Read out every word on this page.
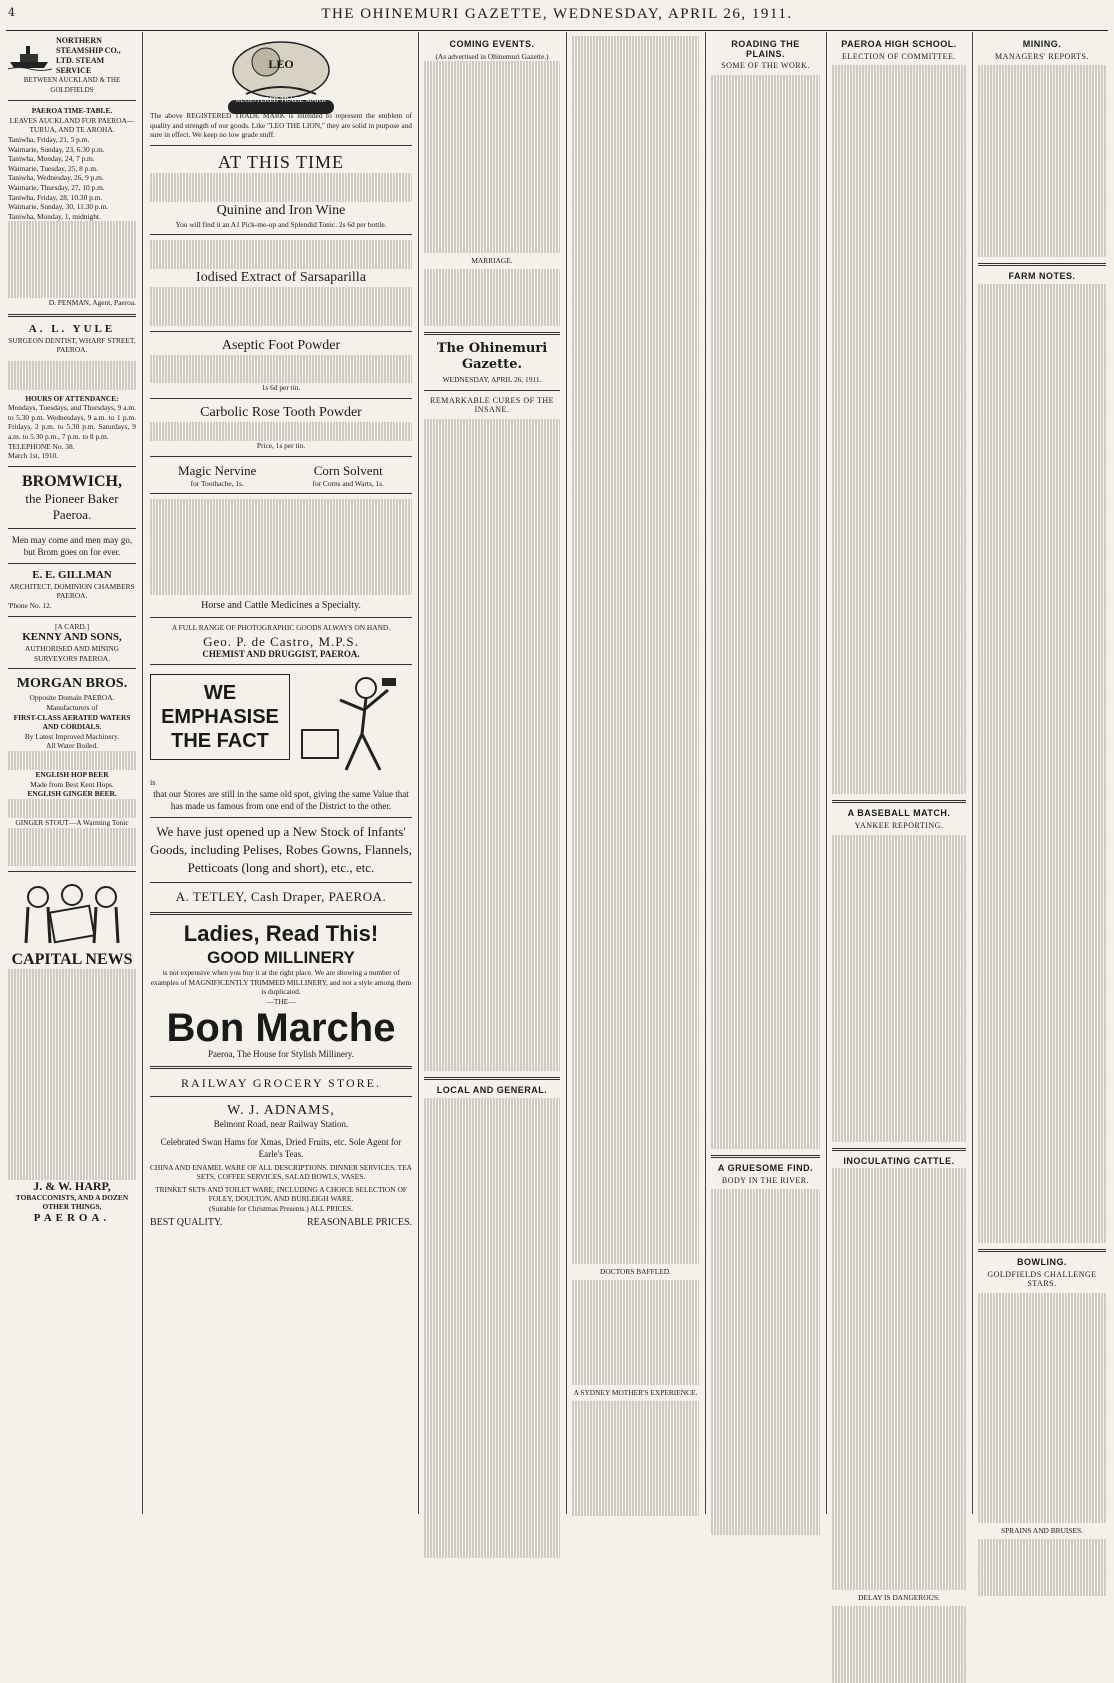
4	THE OHINEMURI GAZETTE, WEDNESDAY, APRIL 26, 1911.
NORTHERN STEAMSHIP CO., LTD. STEAM SERVICE
BETWEEN AUCKLAND & THE GOLDFIELDS
PAEROA TIME-TABLE.
LEAVES AUCKLAND FOR PAEROA—TURUA, AND TE AROHA.
Taniwha, Friday, 21, 5 p.m.
Waimarie, Sunday, 23, 6.30 p.m.
Taniwha, Monday, 24, 7 p.m.
Waimarie, Tuesday, 25, 8 p.m.
Taniwha, Wednesday, 26, 9 p.m.
Waimarie, Thursday, 27, 10 p.m.
Taniwha, Friday, 28, 10.30 p.m.
Waimarie, Sunday, 30, 11.30 p.m.
Taniwha, Monday, 1, midnight.
D. PENMAN, Agent, Paeroa.
A. L. YULE
SURGEON DENTIST, WHARF STREET, PAEROA.
HOURS OF ATTENDANCE:
Mondays, Tuesdays, and Thursdays, 9 a.m. to 5.30 p.m. Wednesdays, 9 a.m. to 1 p.m. Fridays, 2 p.m. to 5.30 p.m. Saturdays, 9 a.m. to 5.30 p.m., 7 p.m. to 8 p.m.
TELEPHONE No. 38.
March 1st, 1910.
BROMWICH,
the Pioneer Baker
Paeroa.
Men may come and men may go, but Brom goes on for ever.
E. E. GILLMAN
ARCHITECT, DOMINION CHAMBERS PAEROA.
'Phone No. 12.
[A CARD.]
KENNY AND SONS,
AUTHORISED AND MINING SURVEYORS PAEROA.
MORGAN BROS.
Opposite Domain PAEROA.
Manufacturers of
FIRST-CLASS AERATED WATERS AND CORDIALS.
By Latest Improved Machinery.
All Water Boiled.
ENGLISH HOP BEER
Made from Best Kent Hops.
ENGLISH GINGER BEER.
GINGER STOUT—A Warming Tonic
CAPITAL NEWS
J. & W. HARP,
TOBACCONISTS, AND A DOZEN OTHER THINGS,
PAEROA.
LEO
REGISTERED TRADE MARK
The above REGISTERED TRADE MARK is intended to represent the emblem of quality and strength of our goods. Like "LEO THE LION," they are solid in purpose and sure in effect. We keep no low grade stuff.
AT THIS TIME
Quinine and Iron Wine
You will find it an A1 Pick-me-up and Splendid Tonic. 2s 6d per bottle.
Iodised Extract of Sarsaparilla
Aseptic Foot Powder
1s 6d per tin.
Carbolic Rose Tooth Powder
Price, 1s per tin.
Magic Nervine
for Toothache, 1s.
Corn Solvent
for Corns and Warts, 1s.
Horse and Cattle Medicines a Specialty.
A FULL RANGE OF PHOTOGRAPHIC GOODS ALWAYS ON HAND.
Geo. P. de Castro, M.P.S.
CHEMIST AND DRUGGIST, PAEROA.
WE EMPHASISE THE FACT
is
that our Stores are still in the same old spot, giving the same Value that has made us famous from one end of the District to the other.
We have just opened up a New Stock of Infants' Goods, including Pelises, Robes Gowns, Flannels, Petticoats (long and short), etc., etc.
A. TETLEY, Cash Draper, PAEROA.
Ladies, Read This!
GOOD MILLINERY
is not expensive when you buy it at the right place. We are showing a number of examples of MAGNIFICENTLY TRIMMED MILLINERY, and not a style among them is duplicated.
—THE—
Bon Marche
Paeroa, The House for Stylish Millinery.
RAILWAY GROCERY STORE.
W. J. ADNAMS,
Belmont Road, near Railway Station.
Celebrated Swan Hams for Xmas, Dried Fruits, etc. Sole Agent for Earle's Teas.
CHINA AND ENAMEL WARE OF ALL DESCRIPTIONS. DINNER SERVICES, TEA SETS, COFFEE SERVICES, SALAD BOWLS, VASES.
TRINKET SETS AND TOILET WARE, INCLUDING A CHOICE SELECTION OF FOLEY, DOULTON, AND BURLEIGH WARE.
(Suitable for Christmas Presents.) ALL PRICES.
BEST QUALITY.	REASONABLE PRICES.
COMING EVENTS.
(As advertised in Ohinemuri Gazette.)
MARRIAGE.
The Ohinemuri Gazette.
WEDNESDAY, APRIL 26, 1911.
REMARKABLE CURES OF THE INSANE.
LOCAL AND GENERAL.
DOCTORS BAFFLED.
A SYDNEY MOTHER'S EXPERIENCE.
ROADING THE PLAINS.
SOME OF THE WORK.
A GRUESOME FIND.
BODY IN THE RIVER.
PAEROA HIGH SCHOOL.
ELECTION OF COMMITTEE.
A BASEBALL MATCH.
YANKEE REPORTING.
INOCULATING CATTLE.
DELAY IS DANGEROUS.
MINING.
MANAGERS' REPORTS.
FARM NOTES.
BOWLING.
GOLDFIELDS CHALLENGE STARS.
SPRAINS AND BRUISES.
